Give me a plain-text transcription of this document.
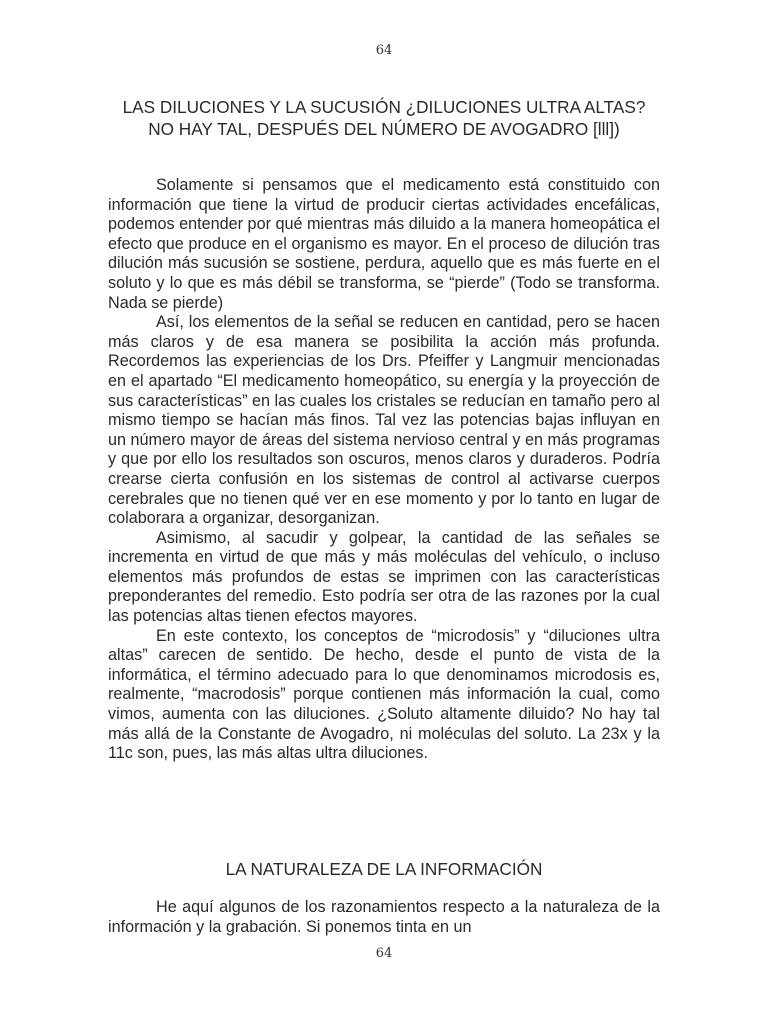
64
LAS DILUCIONES Y LA SUCUSIÓN ¿DILUCIONES ULTRA ALTAS? NO HAY TAL, DESPUÉS DEL NÚMERO DE AVOGADRO [lll])

Solamente si pensamos que el medicamento está constituido con información que tiene la virtud de producir ciertas actividades encefálicas, podemos entender por qué mientras más diluido a la manera homeopática el efecto que produce en el organismo es mayor. En el proceso de dilución tras dilución más sucusión se sostiene, perdura, aquello que es más fuerte en el soluto y lo que es más débil se transforma, se “pierde” (Todo se transforma. Nada se pierde)

Así, los elementos de la señal se reducen en cantidad, pero se hacen más claros y de esa manera se posibilita la acción más profunda. Recordemos las experiencias de los Drs. Pfeiffer y Langmuir mencionadas en el apartado “El medicamento homeopático, su energía y la proyección de sus características” en las cuales los cristales se reducían en tamaño pero al mismo tiempo se hacían más finos. Tal vez las potencias bajas influyan en un número mayor de áreas del sistema nervioso central y en más programas y que por ello los resultados son oscuros, menos claros y duraderos. Podría crearse cierta confusión en los sistemas de control al activarse cuerpos cerebrales que no tienen qué ver en ese momento y por lo tanto en lugar de colaborara a organizar, desorganizan.

Asimismo, al sacudir y golpear, la cantidad de las señales se incrementa en virtud de que más y más moléculas del vehículo, o incluso elementos más profundos de estas se imprimen con las características preponderantes del remedio. Esto podría ser otra de las razones por la cual las potencias altas tienen efectos mayores.

En este contexto, los conceptos de “microdosis” y “diluciones ultra altas” carecen de sentido. De hecho, desde el punto de vista de la informática, el término adecuado para lo que denominamos microdosis es, realmente, “macrodosis” porque contienen más información la cual, como vimos, aumenta con las diluciones. ¿Soluto altamente diluido? No hay tal más allá de la Constante de Avogadro, ni moléculas del soluto. La 23x y la 11c son, pues, las más altas ultra diluciones.

LA NATURALEZA DE LA INFORMACIÓN

He aquí algunos de los razonamientos respecto a la naturaleza de la información y la grabación. Si ponemos tinta en un

64
